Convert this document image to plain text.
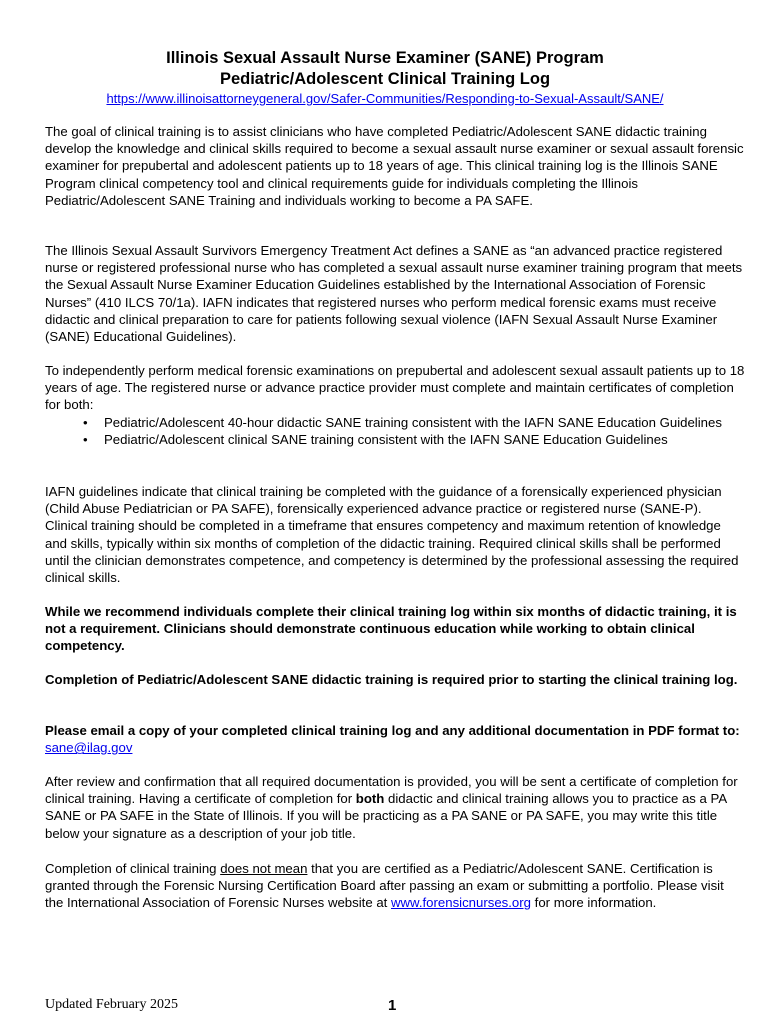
Illinois Sexual Assault Nurse Examiner (SANE) Program
Pediatric/Adolescent Clinical Training Log
https://www.illinoisattorneygeneral.gov/Safer-Communities/Responding-to-Sexual-Assault/SANE/

The goal of clinical training is to assist clinicians who have completed Pediatric/Adolescent SANE didactic training develop the knowledge and clinical skills required to become a sexual assault nurse examiner or sexual assault forensic examiner for prepubertal and adolescent patients up to 18 years of age. This clinical training log is the Illinois SANE Program clinical competency tool and clinical requirements guide for individuals completing the Illinois Pediatric/Adolescent SANE Training and individuals working to become a PA SAFE.

The Illinois Sexual Assault Survivors Emergency Treatment Act defines a SANE as “an advanced practice registered nurse or registered professional nurse who has completed a sexual assault nurse examiner training program that meets the Sexual Assault Nurse Examiner Education Guidelines established by the International Association of Forensic Nurses” (410 ILCS 70/1a). IAFN indicates that registered nurses who perform medical forensic exams must receive didactic and clinical preparation to care for patients following sexual violence (IAFN Sexual Assault Nurse Examiner (SANE) Educational Guidelines).

To independently perform medical forensic examinations on prepubertal and adolescent sexual assault patients up to 18 years of age. The registered nurse or advance practice provider must complete and maintain certificates of completion for both:

• Pediatric/Adolescent 40-hour didactic SANE training consistent with the IAFN SANE Education Guidelines
• Pediatric/Adolescent clinical SANE training consistent with the IAFN SANE Education Guidelines

IAFN guidelines indicate that clinical training be completed with the guidance of a forensically experienced physician (Child Abuse Pediatrician or PA SAFE), forensically experienced advance practice or registered nurse (SANE-P). Clinical training should be completed in a timeframe that ensures competency and maximum retention of knowledge and skills, typically within six months of completion of the didactic training. Required clinical skills shall be performed until the clinician demonstrates competence, and competency is determined by the professional assessing the required clinical skills.

While we recommend individuals complete their clinical training log within six months of didactic training, it is not a requirement. Clinicians should demonstrate continuous education while working to obtain clinical competency.

Completion of Pediatric/Adolescent SANE didactic training is required prior to starting the clinical training log.

Please email a copy of your completed clinical training log and any additional documentation in PDF format to: sane@ilag.gov

After review and confirmation that all required documentation is provided, you will be sent a certificate of completion for clinical training. Having a certificate of completion for both didactic and clinical training allows you to practice as a PA SANE or PA SAFE in the State of Illinois. If you will be practicing as a PA SANE or PA SAFE, you may write this title below your signature as a description of your job title.

Completion of clinical training does not mean that you are certified as a Pediatric/Adolescent SANE. Certification is granted through the Forensic Nursing Certification Board after passing an exam or submitting a portfolio. Please visit the International Association of Forensic Nurses website at www.forensicnurses.org for more information.

Updated February 2025	1
